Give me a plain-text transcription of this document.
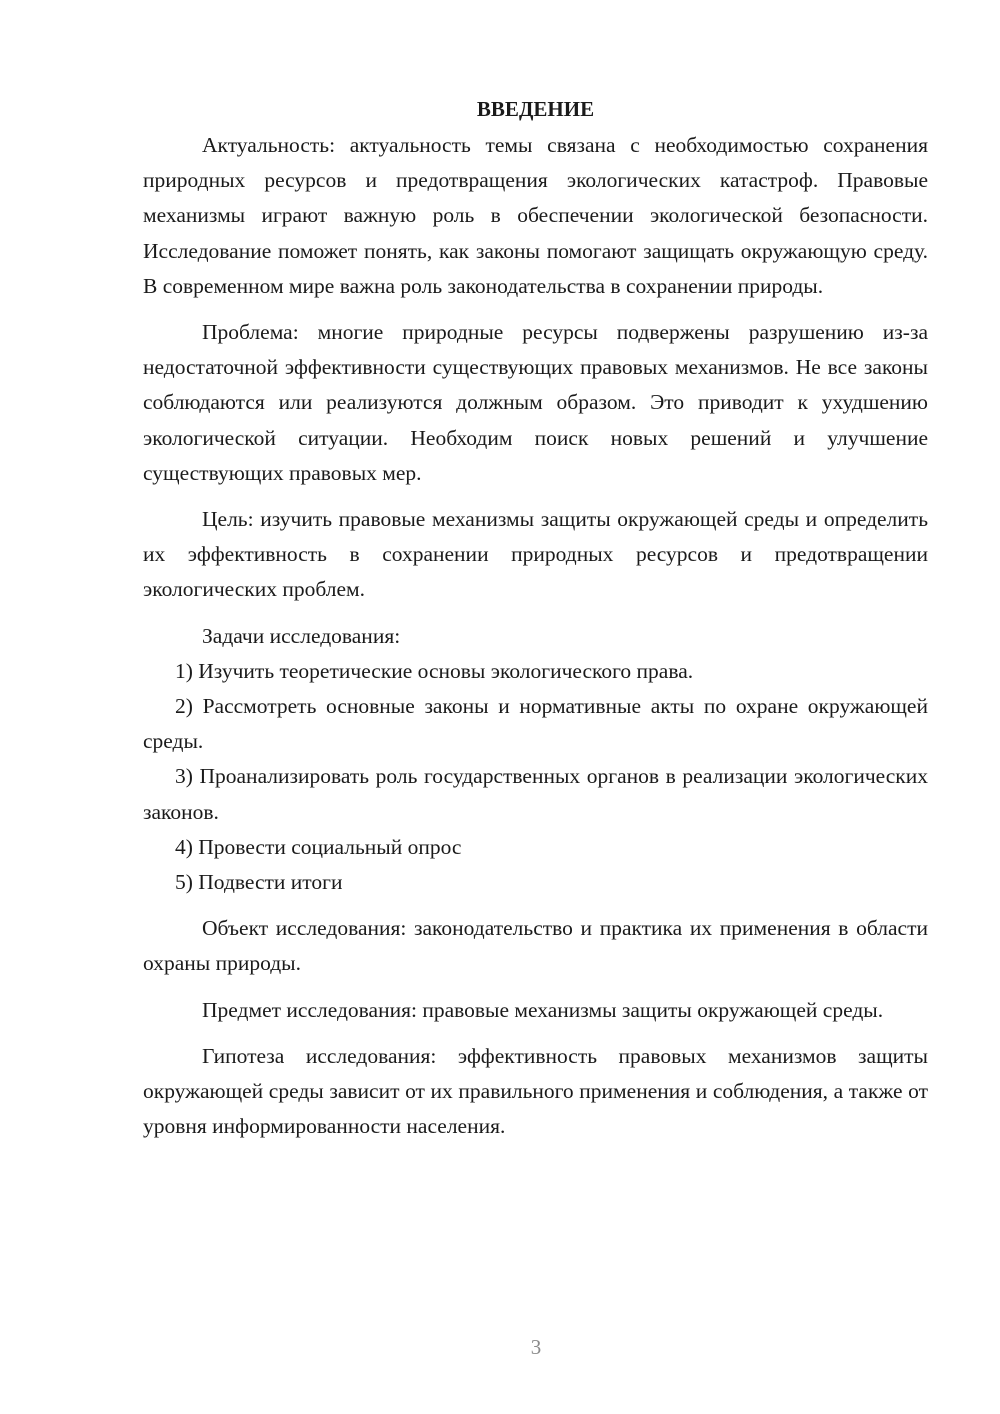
ВВЕДЕНИЕ

Актуальность: актуальность темы связана с необходимостью сохранения природных ресурсов и предотвращения экологических катастроф. Правовые механизмы играют важную роль в обеспечении экологической безопасности. Исследование поможет понять, как законы помогают защищать окружающую среду. В современном мире важна роль законодательства в сохранении природы.

Проблема: многие природные ресурсы подвержены разрушению из-за недостаточной эффективности существующих правовых механизмов. Не все законы соблюдаются или реализуются должным образом. Это приводит к ухудшению экологической ситуации. Необходим поиск новых решений и улучшение существующих правовых мер.

Цель: изучить правовые механизмы защиты окружающей среды и определить их эффективность в сохранении природных ресурсов и предотвращении экологических проблем.

Задачи исследования:

1) Изучить теоретические основы экологического права.

2) Рассмотреть основные законы и нормативные акты по охране окружающей среды.

3) Проанализировать роль государственных органов в реализации экологических законов.

4) Провести социальный опрос

5) Подвести итоги

Объект исследования: законодательство и практика их применения в области охраны природы.

Предмет исследования: правовые механизмы защиты окружающей среды.

Гипотеза исследования: эффективность правовых механизмов защиты окружающей среды зависит от их правильного применения и соблюдения, а также от уровня информированности населения.

3
